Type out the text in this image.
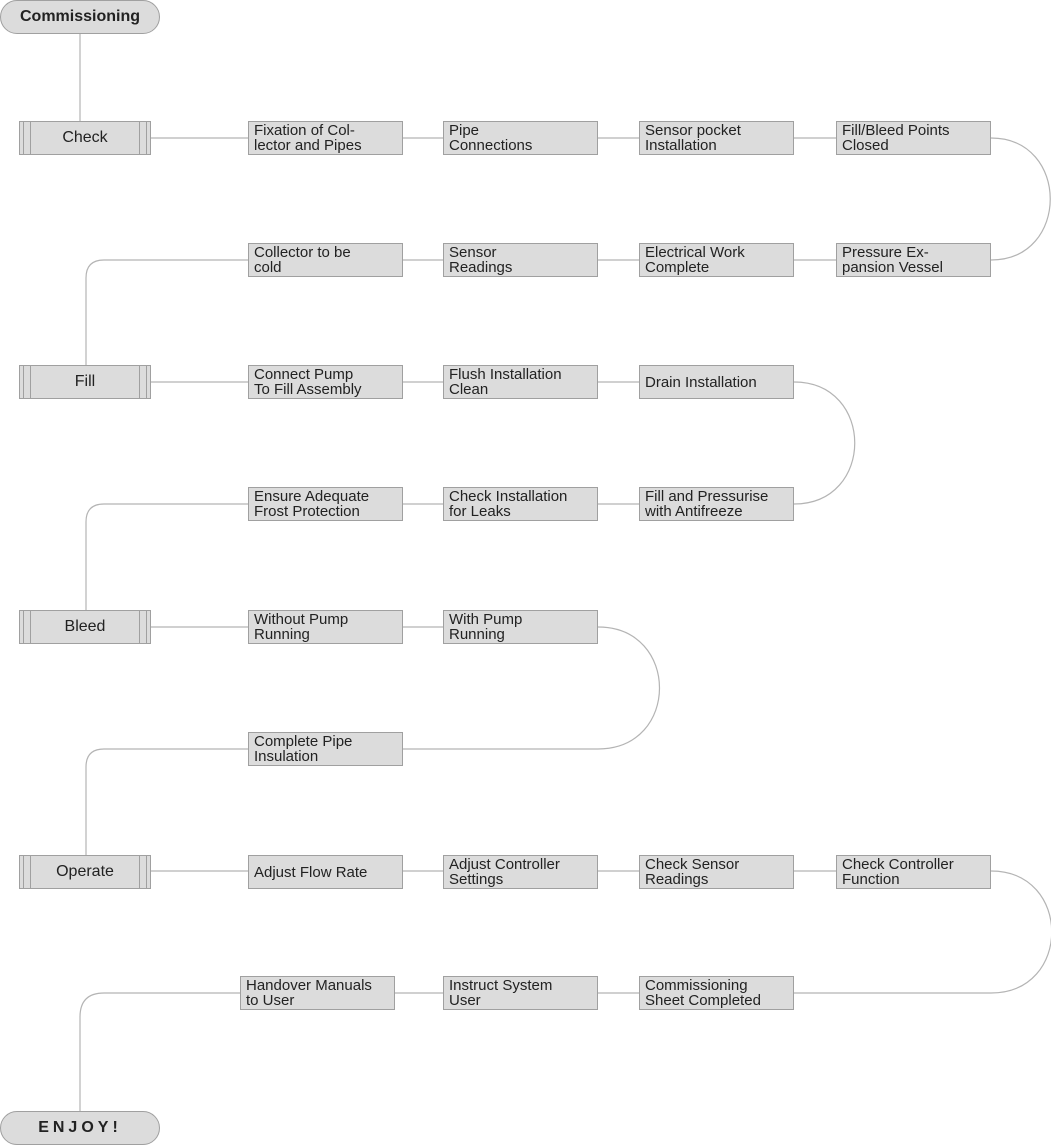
Commissioning
ENJOY!
Check
Fill
Bleed
Operate
Fixation of Col-
lector and Pipes
Pipe
Connections
Sensor pocket
Installation
Fill/Bleed Points
Closed
Collector to be
cold
Sensor
Readings
Electrical Work
Complete
Pressure Ex-
pansion Vessel
Connect Pump
To Fill Assembly
Flush Installation
Clean	Drain Installation
Ensure Adequate
Frost Protection
Check Installation
for Leaks
Fill and Pressurise
with Antifreeze
Without Pump
Running
With Pump
Running
Complete Pipe
Insulation
Adjust Flow Rate	Adjust Controller
Settings
Check Sensor
Readings
Check Controller
Function
Handover Manuals
to User
Instruct System
User
Commissioning
Sheet Completed
